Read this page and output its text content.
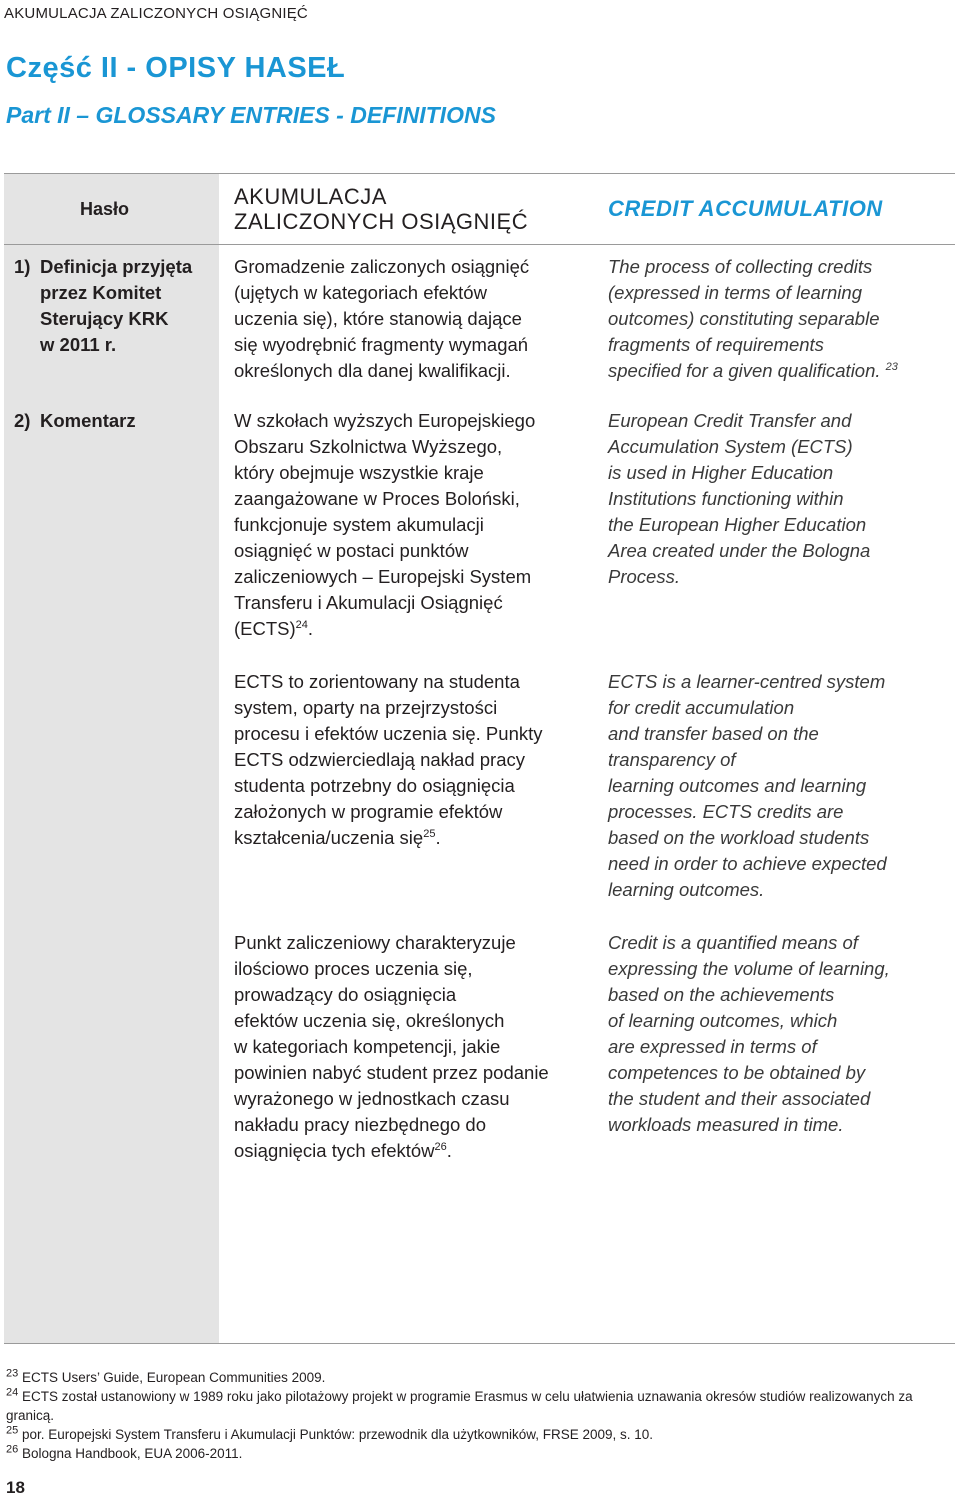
AKUMULACJA ZALICZONYCH OSIĄGNIĘĆ
Część II - OPISY HASEŁ
Part II – GLOSSARY ENTRIES - DEFINITIONS
Hasło	AKUMULACJA
ZALICZONYCH OSIĄGNIĘĆ
CREDIT ACCUMULATION
1) Definicja przyjęta
przez Komitet
Sterujący KRK
w 2011 r.
Gromadzenie zaliczonych osiągnięć
(ujętych w kategoriach efektów
uczenia się), które stanowią dające
się wyodrębnić fragmenty wymagań
określonych dla danej kwalifikacji.
The process of collecting credits
(expressed in terms of learning
outcomes) constituting separable
fragments of requirements
specified for a given qualification. $^{23}$
2) Komentarz	W szkołach wyższych Europejskiego
Obszaru Szkolnictwa Wyższego,
który obejmuje wszystkie kraje
zaangażowane w Proces Boloński,
funkcjonuje system akumulacji
osiągnięć w postaci punktów
zaliczeniowych – Europejski System
Transferu i Akumulacji Osiągnięć
(ECTS)$^{24}$.
ECTS to zorientowany na studenta
system, oparty na przejrzystości
procesu i efektów uczenia się. Punkty
ECTS odzwierciedlają nakład pracy
studenta potrzebny do osiągnięcia
założonych w programie efektów
kształcenia/uczenia się$^{25}$.
Punkt zaliczeniowy charakteryzuje
ilościowo proces uczenia się,
prowadzący do osiągnięcia
efektów uczenia się, określonych
w kategoriach kompetencji, jakie
powinien nabyć student przez podanie
wyrażonego w jednostkach czasu
nakładu pracy niezbędnego do
osiągnięcia tych efektów$^{26}$.
European Credit Transfer and
Accumulation System (ECTS)
is used in Higher Education
Institutions functioning within
the European Higher Education
Area created under the Bologna
Process.
ECTS is a learner-centred system
for credit accumulation
and transfer based on the
transparency of
learning outcomes and learning
processes. ECTS credits are
based on the workload students
need in order to achieve expected
learning outcomes.
Credit is a quantified means of
expressing the volume of learning,
based on the achievements
of learning outcomes, which
are expressed in terms of
competences to be obtained by
the student and their associated
workloads measured in time.
$^{23}$ ECTS Users’ Guide, European Communities 2009.
$^{24}$ ECTS został ustanowiony w 1989 roku jako pilotażowy projekt w programie Erasmus w celu ułatwienia uznawania okresów studiów realizowanych za granicą.
$^{25}$ por. Europejski System Transferu i Akumulacji Punktów: przewodnik dla użytkowników, FRSE 2009, s. 10.
$^{26}$ Bologna Handbook, EUA 2006-2011.
18
